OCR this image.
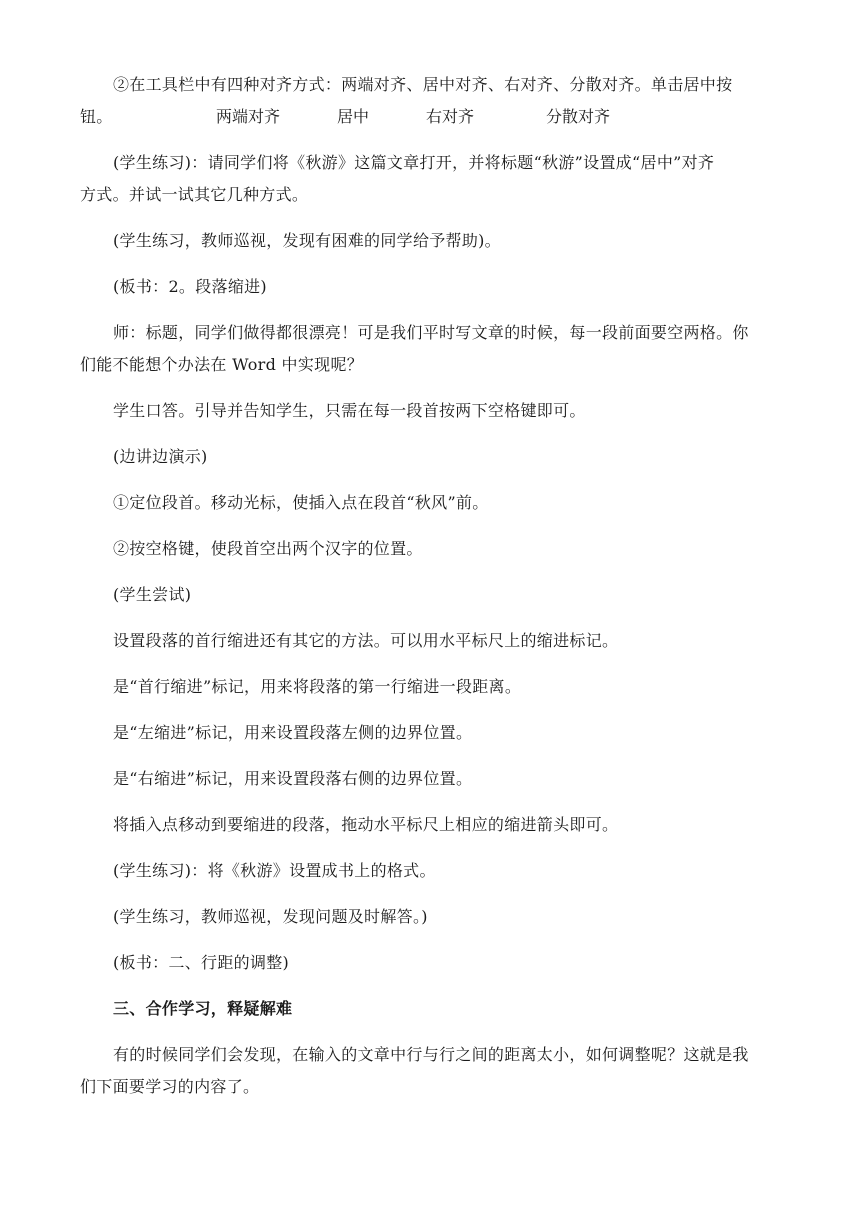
②在工具栏中有四种对齐方式：两端对齐、居中对齐、右对齐、分散对齐。单击居中按
钮。	两端对齐	居中	右对齐	分散对齐
(学生练习)：请同学们将《秋游》这篇文章打开，并将标题“秋游”设置成“居中”对齐
方式。并试一试其它几种方式。
(学生练习，教师巡视，发现有困难的同学给予帮助)。
(板书：2。段落缩进)
师：标题，同学们做得都很漂亮！可是我们平时写文章的时候，每一段前面要空两格。你
们能不能想个办法在 Word 中实现呢？
学生口答。引导并告知学生，只需在每一段首按两下空格键即可。
(边讲边演示)
①定位段首。移动光标，使插入点在段首“秋风”前。
②按空格键，使段首空出两个汉字的位置。
(学生尝试)
设置段落的首行缩进还有其它的方法。可以用水平标尺上的缩进标记。
是“首行缩进”标记，用来将段落的第一行缩进一段距离。
是“左缩进”标记，用来设置段落左侧的边界位置。
是“右缩进”标记，用来设置段落右侧的边界位置。
将插入点移动到要缩进的段落，拖动水平标尺上相应的缩进箭头即可。
(学生练习)：将《秋游》设置成书上的格式。
(学生练习，教师巡视，发现问题及时解答。)
(板书：二、行距的调整)
三、合作学习，释疑解难
有的时候同学们会发现，在输入的文章中行与行之间的距离太小，如何调整呢？这就是我
们下面要学习的内容了。
